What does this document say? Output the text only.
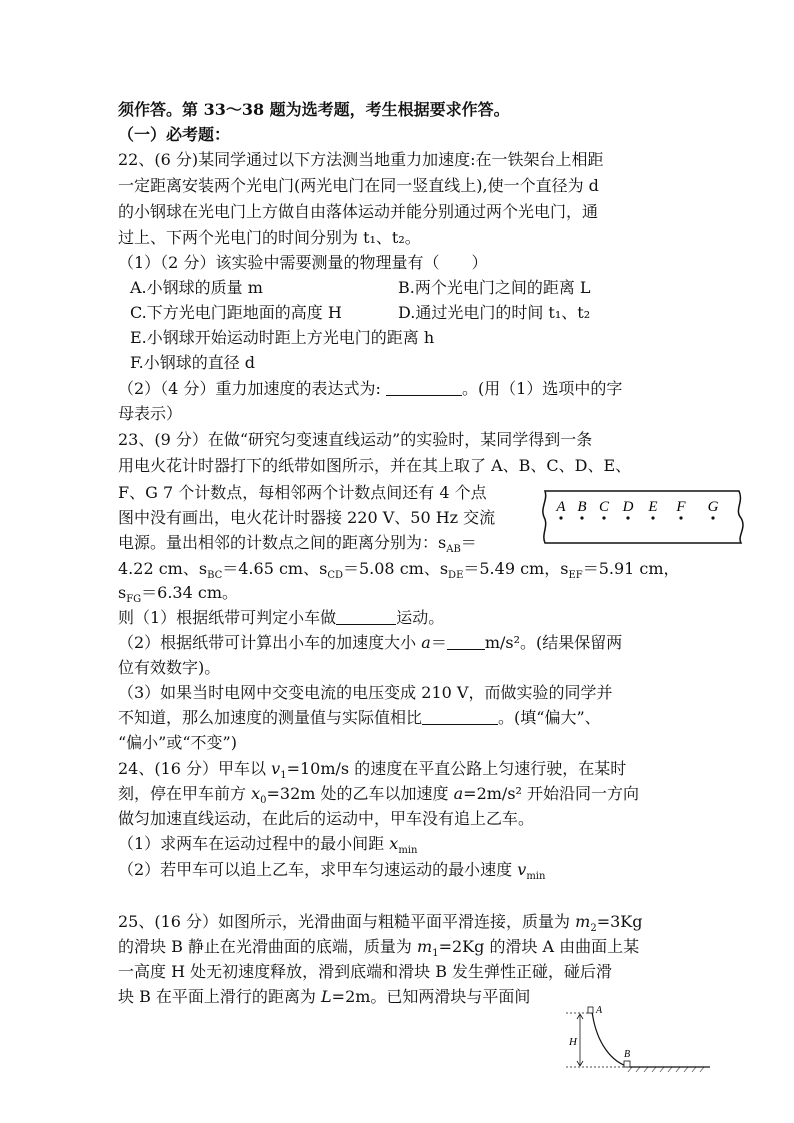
须作答。第 33～38 题为选考题，考生根据要求作答。
（一）必考题：
22、(6 分)某同学通过以下方法测当地重力加速度:在一铁架台上相距
一定距离安装两个光电门(两光电门在同一竖直线上),使一个直径为 d
的小钢球在光电门上方做自由落体运动并能分别通过两个光电门，通
过上、下两个光电门的时间分别为 t₁、t₂。
（1）（2 分）该实验中需要测量的物理量有（　　）
A.小钢球的质量 m	B.两个光电门之间的距离 L
C.下方光电门距地面的高度 H	D.通过光电门的时间 t₁、t₂
E.小钢球开始运动时距上方光电门的距离 h
F.小钢球的直径 d
（2）（4 分）重力加速度的表达式为:	。(用（1）选项中的字
母表示）
23、(9 分）在做“研究匀变速直线运动”的实验时，某同学得到一条
用电火花计时器打下的纸带如图所示，并在其上取了 A、B、C、D、E、
F、G 7 个计数点，每相邻两个计数点间还有 4 个点
图中没有画出，电火花计时器接 220 V、50 Hz 交流
电源。量出相邻的计数点之间的距离分别为：$s_{AB}=$
4.22 cm、$s_{BC}=4.65$ cm、$s_{CD}=5.08$ cm、$s_{DE}=5.49$ cm，$s_{EF}=5.91$ cm，
$s_{FG}=6.34$ cm。
则（1）根据纸带可判定小车做	运动。
（2）根据纸带可计算出小车的加速度大小 a＝ m/s²。(结果保留两
位有效数字)。
（3）如果当时电网中交变电流的电压变成 210 V，而做实验的同学并
不知道，那么加速度的测量值与实际值相比	。(填“偏大”、
“偏小”或“不变”)
A B C D E F G
24、(16 分）甲车以 $v_1=10m/s$ 的速度在平直公路上匀速行驶，在某时
刻，停在甲车前方 $x_0=32m$ 处的乙车以加速度 a=2m/s² 开始沿同一方向
做匀加速直线运动，在此后的运动中，甲车没有追上乙车。
（1）求两车在运动过程中的最小间距 $x_{min}$
（2）若甲车可以追上乙车，求甲车匀速运动的最小速度 $v_{min}$
25、(16 分）如图所示，光滑曲面与粗糙平面平滑连接，质量为 $m_2=3Kg$
的滑块 B 静止在光滑曲面的底端，质量为 $m_1=2Kg$ 的滑块 A 由曲面上某
一高度 H 处无初速度释放，滑到底端和滑块 B 发生弹性正碰，碰后滑
块 B 在平面上滑行的距离为 L=2m。已知两滑块与平面间
H
A
B
